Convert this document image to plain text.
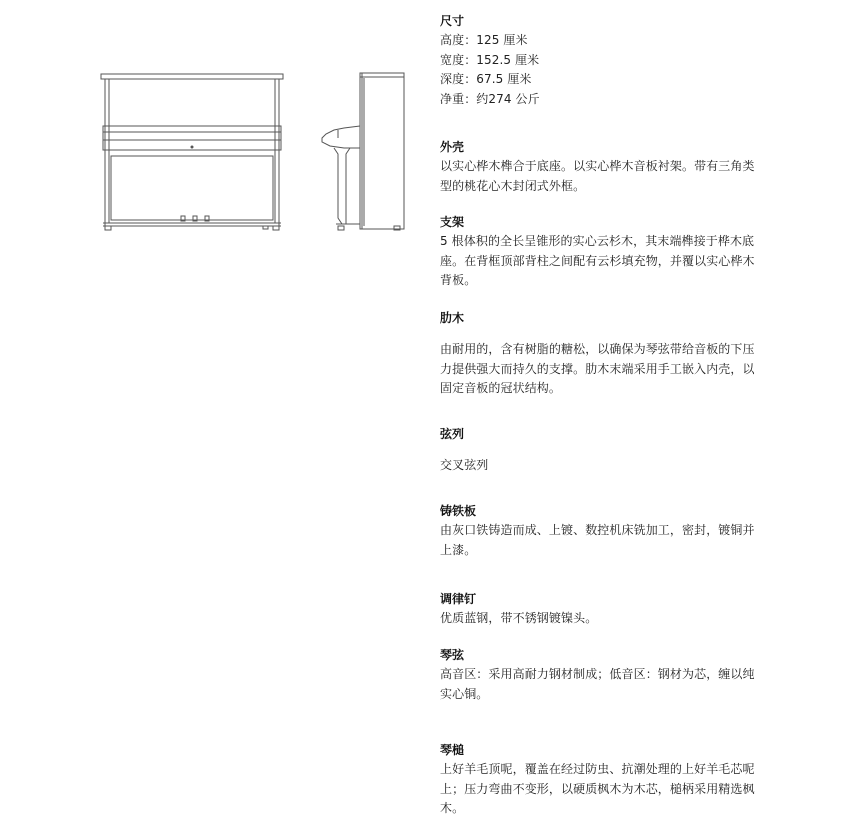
尺寸

高度：125 厘米

宽度：152.5 厘米

深度：67.5 厘米

净重：约274 公斤

外壳

以实心桦木榫合于底座。以实心桦木音板衬架。带有三角类型的桃花心木封闭式外框。

支架

5 根体积的全长呈锥形的实心云杉木，其末端榫接于桦木底座。在背框顶部背柱之间配有云杉填充物，并覆以实心桦木背板。

肋木

由耐用的，含有树脂的糖松，以确保为琴弦带给音板的下压力提供强大而持久的支撑。肋木末端采用手工嵌入内壳，以固定音板的冠状结构。

弦列

交叉弦列

铸铁板

由灰口铁铸造而成、上镀、数控机床铣加工，密封，镀铜并上漆。

调律钉

优质蓝钢，带不锈钢镀镍头。

琴弦

高音区：采用高耐力钢材制成；低音区：钢材为芯，缠以纯实心铜。

琴槌

上好羊毛顶呢，覆盖在经过防虫、抗潮处理的上好羊毛芯呢上；压力弯曲不变形，以硬质枫木为木芯，槌柄采用精选枫木。
